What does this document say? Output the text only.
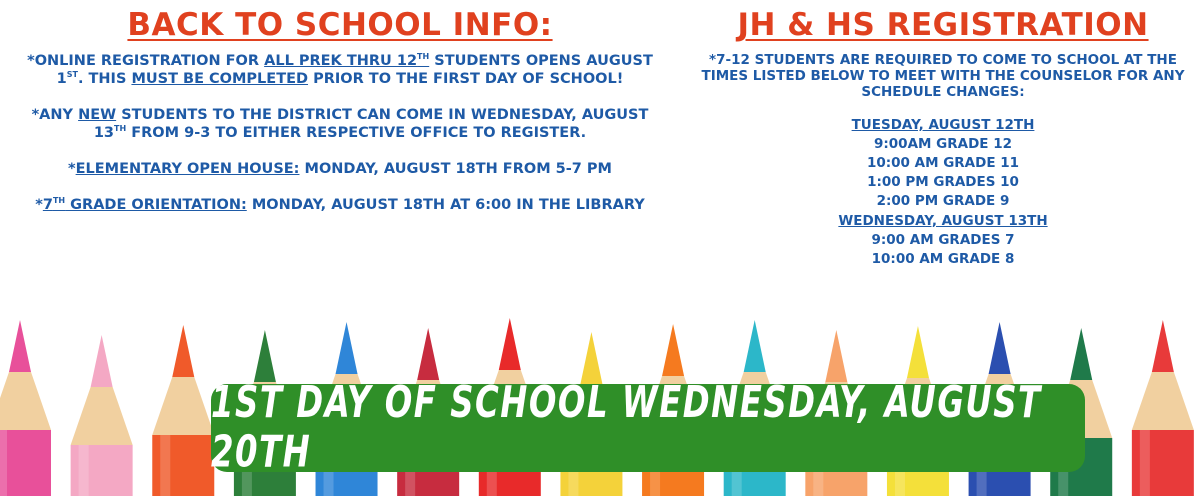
BACK TO SCHOOL INFO:

*ONLINE REGISTRATION FOR ALL PREK THRU 12TH STUDENTS OPENS AUGUST 1ST. THIS MUST BE COMPLETED PRIOR TO THE FIRST DAY OF SCHOOL!

*ANY NEW STUDENTS TO THE DISTRICT CAN COME IN WEDNESDAY, AUGUST 13TH FROM 9-3 TO EITHER RESPECTIVE OFFICE TO REGISTER.

*ELEMENTARY OPEN HOUSE: MONDAY, AUGUST 18TH FROM 5-7 PM

*7TH GRADE ORIENTATION: MONDAY, AUGUST 18TH AT 6:00 IN THE LIBRARY

JH & HS REGISTRATION

*7-12 STUDENTS ARE REQUIRED TO COME TO SCHOOL AT THE TIMES LISTED BELOW TO MEET WITH THE COUNSELOR FOR ANY SCHEDULE CHANGES:

TUESDAY, AUGUST 12TH
9:00AM GRADE 12
10:00 AM GRADE 11
1:00 PM GRADES 10
2:00 PM GRADE 9
WEDNESDAY, AUGUST 13TH
9:00 AM GRADES 7
10:00 AM GRADE 8
1ST DAY OF SCHOOL WEDNESDAY, AUGUST 20TH
